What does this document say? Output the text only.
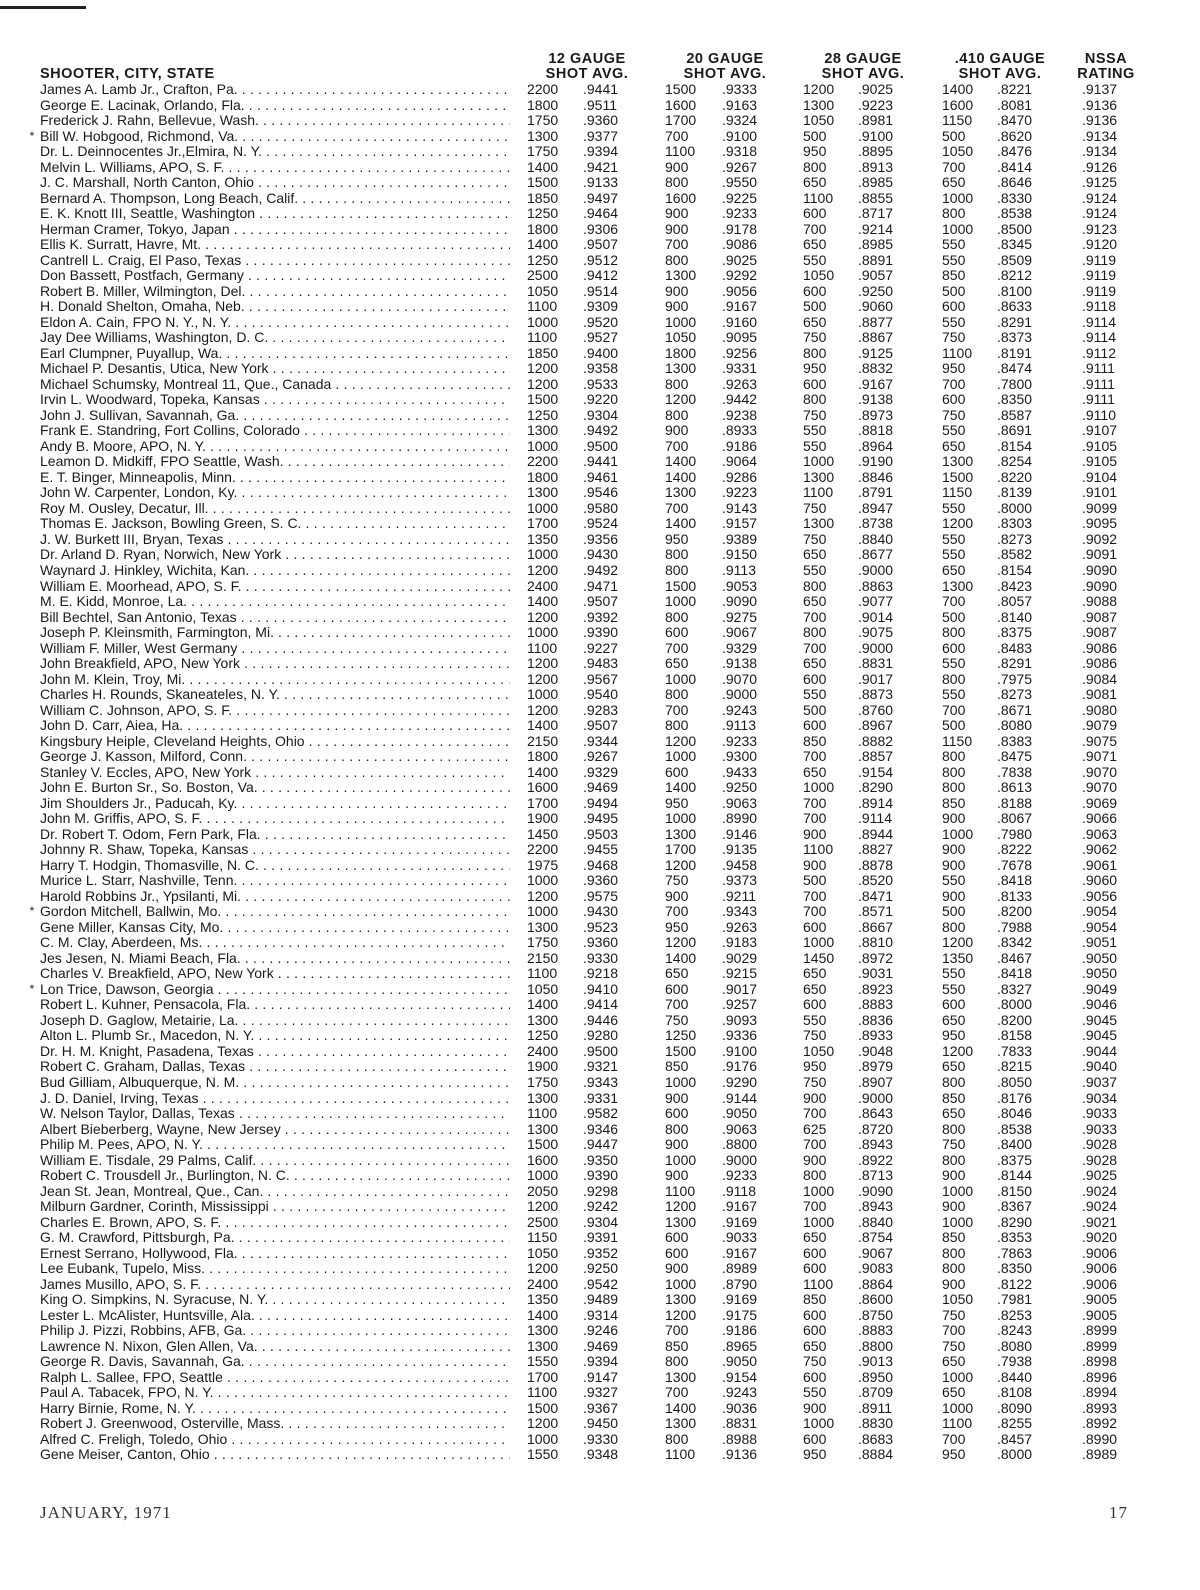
12 GAUGE	20 GAUGE	28 GAUGE	.410 GAUGE	NSSA
SHOOTER, CITY, STATE	SHOT AVG.	SHOT AVG.	SHOT AVG.	SHOT AVG.	RATING
James A. Lamb Jr., Crafton, Pa. . . .	2200 .9441	1500 .9333	1200 .9025	1400 .8221	.9137
George E. Lacinak, Orlando, Fla. . . .	1800 .9511	1600 .9163	1300 .9223	1600 .8081	.9136
Frederick J. Rahn, Bellevue, Wash. . . .	1750 .9360	1700 .9324	1050 .8981	1150 .8470	.9136
* Bill W. Hobgood, Richmond, Va. . . .	1300 .9377	700 .9100	500 .9100	500 .8620	.9134
Dr. L. Deinnocentes Jr.,Elmira, N. Y. . . .	1750 .9394	1100 .9318	950 .8895	1050 .8476	.9134
Melvin L. Williams, APO, S. F. . . .	1400 .9421	900 .9267	800 .8913	700 .8414	.9126
J. C. Marshall, North Canton, Ohio . . .	1500 .9133	800 .9550	650 .8985	650 .8646	.9125
Bernard A. Thompson, Long Beach, Calif. . . .	1850 .9497	1600 .9225	1100 .8855	1000 .8330	.9124
E. K. Knott III, Seattle, Washington . . .	1250 .9464	900 .9233	600 .8717	800 .8538	.9124
Herman Cramer, Tokyo, Japan . . .	1800 .9306	900 .9178	700 .9214	1000 .8500	.9123
Ellis K. Surratt, Havre, Mt. . . .	1400 .9507	700 .9086	650 .8985	550 .8345	.9120
Cantrell L. Craig, El Paso, Texas . . .	1250 .9512	800 .9025	550 .8891	550 .8509	.9119
Don Bassett, Postfach, Germany . . .	2500 .9412	1300 .9292	1050 .9057	850 .8212	.9119
Robert B. Miller, Wilmington, Del. . . .	1050 .9514	900 .9056	600 .9250	500 .8100	.9119
H. Donald Shelton, Omaha, Neb. . . .	1100 .9309	900 .9167	500 .9060	600 .8633	.9118
Eldon A. Cain, FPO N. Y., N. Y. . . .	1000 .9520	1000 .9160	650 .8877	550 .8291	.9114
Jay Dee Williams, Washington, D. C. . . .	1100 .9527	1050 .9095	750 .8867	750 .8373	.9114
Earl Clumpner, Puyallup, Wa. . . .	1850 .9400	1800 .9256	800 .9125	1100 .8191	.9112
Michael P. Desantis, Utica, New York . . .	1200 .9358	1300 .9331	950 .8832	950 .8474	.9111
Michael Schumsky, Montreal 11, Que., Canada . . .	1200 .9533	800 .9263	600 .9167	700 .7800	.9111
Irvin L. Woodward, Topeka, Kansas . . .	1500 .9220	1200 .9442	800 .9138	600 .8350	.9111
John J. Sullivan, Savannah, Ga. . . .	1250 .9304	800 .9238	750 .8973	750 .8587	.9110
Frank E. Standring, Fort Collins, Colorado . . .	1300 .9492	900 .8933	550 .8818	550 .8691	.9107
Andy B. Moore, APO, N. Y. . . .	1000 .9500	700 .9186	550 .8964	650 .8154	.9105
Leamon D. Midkiff, FPO Seattle, Wash. . . .	2200 .9441	1400 .9064	1000 .9190	1300 .8254	.9105
E. T. Binger, Minneapolis, Minn. . . .	1800 .9461	1400 .9286	1300 .8846	1500 .8220	.9104
John W. Carpenter, London, Ky. . . .	1300 .9546	1300 .9223	1100 .8791	1150 .8139	.9101
Roy M. Ousley, Decatur, Ill. . . .	1000 .9580	700 .9143	750 .8947	550 .8000	.9099
Thomas E. Jackson, Bowling Green, S. C. . . .	1700 .9524	1400 .9157	1300 .8738	1200 .8303	.9095
J. W. Burkett III, Bryan, Texas . . .	1350 .9356	950 .9389	750 .8840	550 .8273	.9092
Dr. Arland D. Ryan, Norwich, New York . . .	1000 .9430	800 .9150	650 .8677	550 .8582	.9091
Waynard J. Hinkley, Wichita, Kan. . . .	1200 .9492	800 .9113	550 .9000	650 .8154	.9090
William E. Moorhead, APO, S. F. . . .	2400 .9471	1500 .9053	800 .8863	1300 .8423	.9090
M. E. Kidd, Monroe, La. . . .	1400 .9507	1000 .9090	650 .9077	700 .8057	.9088
Bill Bechtel, San Antonio, Texas . . .	1200 .9392	800 .9275	700 .9014	500 .8140	.9087
Joseph P. Kleinsmith, Farmington, Mi. . . .	1000 .9390	600 .9067	800 .9075	800 .8375	.9087
William F. Miller, West Germany . . .	1100 .9227	700 .9329	700 .9000	600 .8483	.9086
John Breakfield, APO, New York . . .	1200 .9483	650 .9138	650 .8831	550 .8291	.9086
John M. Klein, Troy, Mi. . . .	1200 .9567	1000 .9070	600 .9017	800 .7975	.9084
Charles H. Rounds, Skaneateles, N. Y. . . .	1000 .9540	800 .9000	550 .8873	550 .8273	.9081
William C. Johnson, APO, S. F. . . .	1200 .9283	700 .9243	500 .8760	700 .8671	.9080
John D. Carr, Aiea, Ha. . . .	1400 .9507	800 .9113	600 .8967	500 .8080	.9079
Kingsbury Heiple, Cleveland Heights, Ohio . . .	2150 .9344	1200 .9233	850 .8882	1150 .8383	.9075
George J. Kasson, Milford, Conn. . . .	1800 .9267	1000 .9300	700 .8857	800 .8475	.9071
Stanley V. Eccles, APO, New York . . .	1400 .9329	600 .9433	650 .9154	800 .7838	.9070
John E. Burton Sr., So. Boston, Va. . . .	1600 .9469	1400 .9250	1000 .8290	800 .8613	.9070
Jim Shoulders Jr., Paducah, Ky. . . .	1700 .9494	950 .9063	700 .8914	850 .8188	.9069
John M. Griffis, APO, S. F. . . .	1900 .9495	1000 .8990	700 .9114	900 .8067	.9066
Dr. Robert T. Odom, Fern Park, Fla. . . .	1450 .9503	1300 .9146	900 .8944	1000 .7980	.9063
Johnny R. Shaw, Topeka, Kansas . . .	2200 .9455	1700 .9135	1100 .8827	900 .8222	.9062
Harry T. Hodgin, Thomasville, N. C. . . .	1975 .9468	1200 .9458	900 .8878	900 .7678	.9061
Murice L. Starr, Nashville, Tenn. . . .	1000 .9360	750 .9373	500 .8520	550 .8418	.9060
Harold Robbins Jr., Ypsilanti, Mi. . . .	1200 .9575	900 .9211	700 .8471	900 .8133	.9056
* Gordon Mitchell, Ballwin, Mo. . . .	1000 .9430	700 .9343	700 .8571	500 .8200	.9054
Gene Miller, Kansas City, Mo. . . .	1300 .9523	950 .9263	600 .8667	800 .7988	.9054
C. M. Clay, Aberdeen, Ms. . . .	1750 .9360	1200 .9183	1000 .8810	1200 .8342	.9051
Jes Jesen, N. Miami Beach, Fla. . . .	2150 .9330	1400 .9029	1450 .8972	1350 .8467	.9050
Charles V. Breakfield, APO, New York . . .	1100 .9218	650 .9215	650 .9031	550 .8418	.9050
* Lon Trice, Dawson, Georgia . . .	1050 .9410	600 .9017	650 .8923	550 .8327	.9049
Robert L. Kuhner, Pensacola, Fla. . . .	1400 .9414	700 .9257	600 .8883	600 .8000	.9046
Joseph D. Gaglow, Metairie, La. . . .	1300 .9446	750 .9093	550 .8836	650 .8200	.9045
Alton L. Plumb Sr., Macedon, N. Y. . . .	1250 .9280	1250 .9336	750 .8933	950 .8158	.9045
Dr. H. M. Knight, Pasadena, Texas . . .	2400 .9500	1500 .9100	1050 .9048	1200 .7833	.9044
Robert C. Graham, Dallas, Texas . . .	1900 .9321	850 .9176	950 .8979	650 .8215	.9040
Bud Gilliam, Albuquerque, N. M. . . .	1750 .9343	1000 .9290	750 .8907	800 .8050	.9037
J. D. Daniel, Irving, Texas . . .	1300 .9331	900 .9144	900 .9000	850 .8176	.9034
W. Nelson Taylor, Dallas, Texas . . .	1100 .9582	600 .9050	700 .8643	650 .8046	.9033
Albert Bieberberg, Wayne, New Jersey . . .	1300 .9346	800 .9063	625 .8720	800 .8538	.9033
Philip M. Pees, APO, N. Y. . . .	1500 .9447	900 .8800	700 .8943	750 .8400	.9028
William E. Tisdale, 29 Palms, Calif. . . .	1600 .9350	1000 .9000	900 .8922	800 .8375	.9028
Robert C. Trousdell Jr., Burlington, N. C. . . .	1000 .9390	900 .9233	800 .8713	900 .8144	.9025
Jean St. Jean, Montreal, Que., Can. . . .	2050 .9298	1100 .9118	1000 .9090	1000 .8150	.9024
Milburn Gardner, Corinth, Mississippi . . .	1200 .9242	1200 .9167	700 .8943	900 .8367	.9024
Charles E. Brown, APO, S. F. . . .	2500 .9304	1300 .9169	1000 .8840	1000 .8290	.9021
G. M. Crawford, Pittsburgh, Pa. . . .	1150 .9391	600 .9033	650 .8754	850 .8353	.9020
Ernest Serrano, Hollywood, Fla. . . .	1050 .9352	600 .9167	600 .9067	800 .7863	.9006
Lee Eubank, Tupelo, Miss. . . .	1200 .9250	900 .8989	600 .9083	800 .8350	.9006
James Musillo, APO, S. F. . . .	2400 .9542	1000 .8790	1100 .8864	900 .8122	.9006
King O. Simpkins, N. Syracuse, N. Y. . . .	1350 .9489	1300 .9169	850 .8600	1050 .7981	.9005
Lester L. McAlister, Huntsville, Ala. . . .	1400 .9314	1200 .9175	600 .8750	750 .8253	.9005
Philip J. Pizzi, Robbins, AFB, Ga. . . .	1300 .9246	700 .9186	600 .8883	700 .8243	.8999
Lawrence N. Nixon, Glen Allen, Va. . . .	1300 .9469	850 .8965	650 .8800	750 .8080	.8999
George R. Davis, Savannah, Ga. . . .	1550 .9394	800 .9050	750 .9013	650 .7938	.8998
Ralph L. Sallee, FPO, Seattle . . .	1700 .9147	1300 .9154	600 .8950	1000 .8440	.8996
Paul A. Tabacek, FPO, N. Y. . . .	1100 .9327	700 .9243	550 .8709	650 .8108	.8994
Harry Birnie, Rome, N. Y. . . .	1500 .9367	1400 .9036	900 .8911	1000 .8090	.8993
Robert J. Greenwood, Osterville, Mass. . . .	1200 .9450	1300 .8831	1000 .8830	1100 .8255	.8992
Alfred C. Freligh, Toledo, Ohio . . .	1000 .9330	800 .8988	600 .8683	700 .8457	.8990
Gene Meiser, Canton, Ohio . . .	1550 .9348	1100 .9136	950 .8884	950 .8000	.8989
JANUARY, 1971	17
